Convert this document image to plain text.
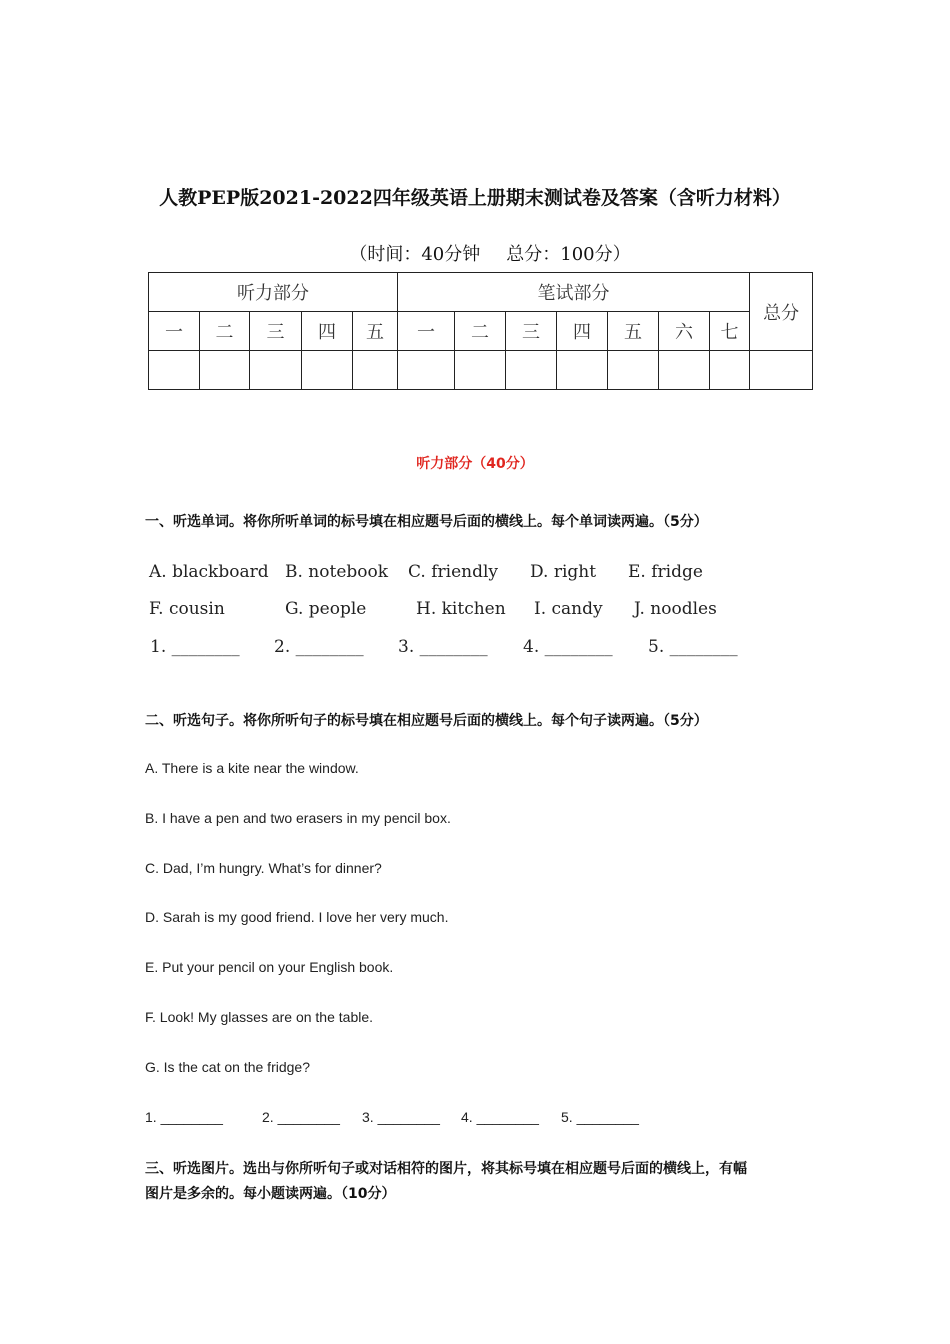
人教PEP版2021-2022四年级英语上册期末测试卷及答案（含听力材料）
（时间：40分钟 总分：100分）
听力部分					笔试部分							总分
一	二	三	四	五	一	二	三	四	五	六	七	

听力部分（40分）
一、听选单词。将你所听单词的标号填在相应题号后面的横线上。每个单词读两遍。（5分）
A. blackboard B. notebook C. friendly D. right E. fridge
F. cousin	G. people	H. kitchen I. candy J. noodles
1. ________ 2. ________ 3. ________ 4. ________ 5. ________
二、听选句子。将你所听句子的标号填在相应题号后面的横线上。每个句子读两遍。（5分）
A. There is a kite near the window.
B. I have a pen and two erasers in my pencil box.
C. Dad, I’m hungry. What’s for dinner?
D. Sarah is my good friend. I love her very much.
E. Put your pencil on your English book.
F. Look! My glasses are on the table.
G. Is the cat on the fridge?
1. ________	2. ________ 3. ________ 4. ________ 5. ________
三、听选图片。选出与你所听句子或对话相符的图片，将其标号填在相应题号后面的横线上，有幅
图片是多余的。每小题读两遍。（10分）
